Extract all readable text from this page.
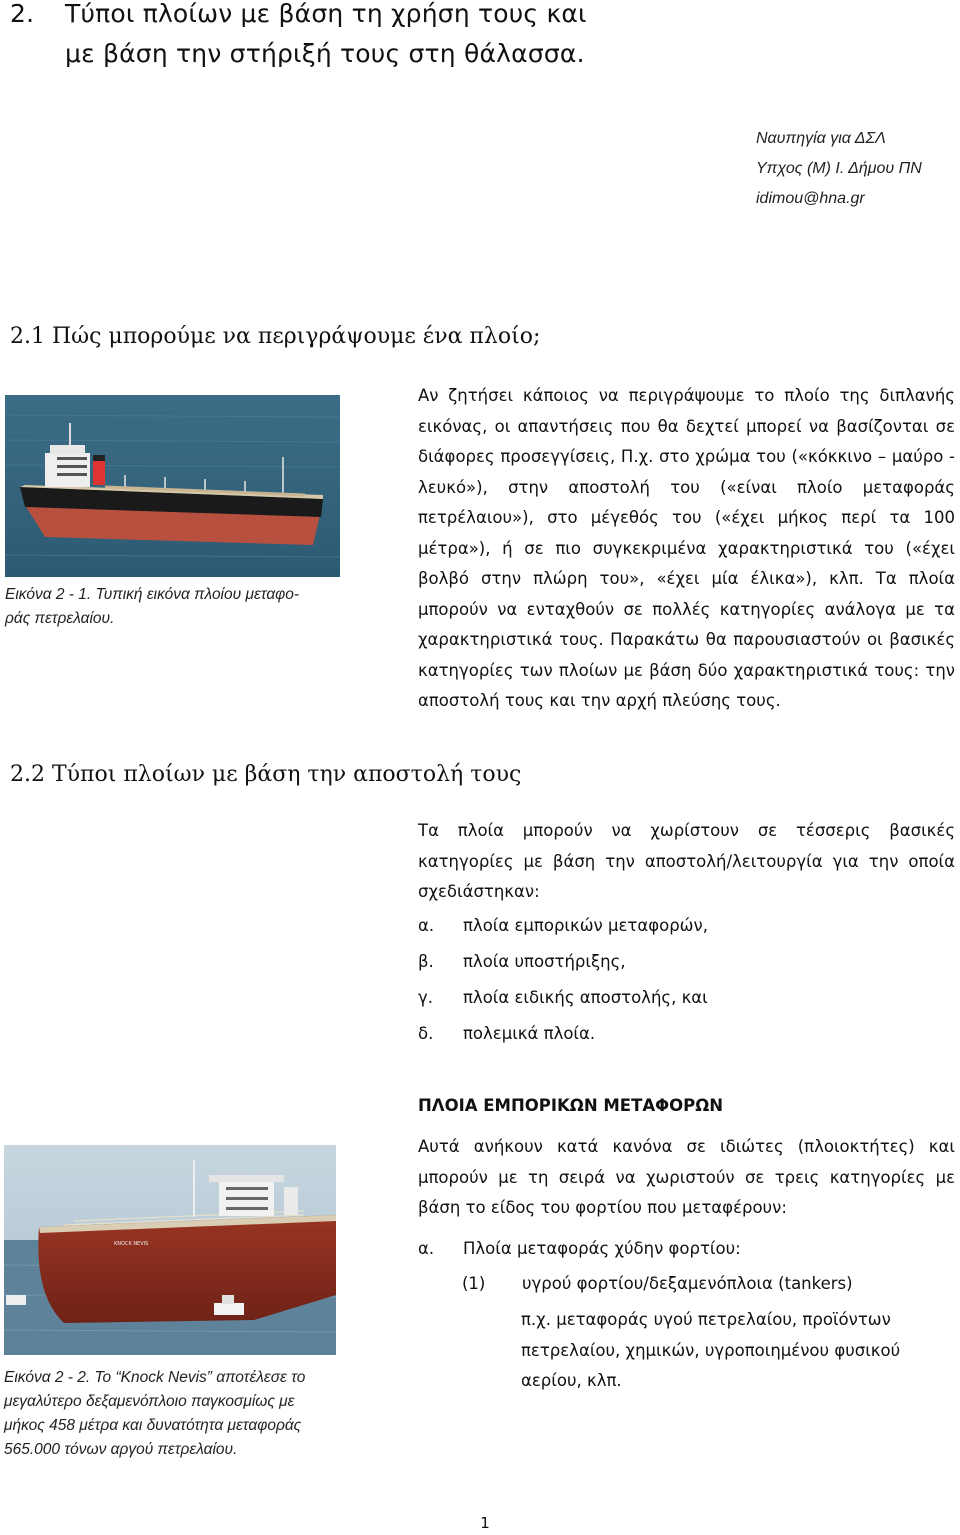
2.	Τύποι πλοίων με βάση τη χρήση τους και
με βάση την στήριξή τους στη θάλασσα.
Ναυπηγία για ΔΣΛ
Υπχος (Μ) Ι. Δήμου ΠΝ
idimou@hna.gr
2.1 Πώς μπορούμε να περιγράψουμε ένα πλοίο;
Εικόνα 2 - 1. Τυπική εικόνα πλοίου μεταφο-
ράς πετρελαίου.
Αν ζητήσει κάποιος να περιγράψουμε το πλοίο της διπλανής εικόνας, οι απαντήσεις που θα δεχτεί μπορεί να βασίζονται σε διάφορες προσεγγίσεις, Π.χ. στο χρώμα του («κόκκινο – μαύρο - λευκό»), στην αποστολή του («είναι πλοίο μεταφοράς πετρέλαιου»), στο μέγεθός του («έχει μήκος περί τα 100 μέτρα»), ή σε πιο συγκεκριμένα χαρακτηριστικά του («έχει βολβό στην πλώρη του», «έχει μία έλικα»), κλπ. Τα πλοία μπορούν να ενταχθούν σε πολλές κατηγορίες ανάλογα με τα χαρακτηριστικά τους. Παρακάτω θα παρουσιαστούν οι βασικές κατηγορίες των πλοίων με βάση δύο χαρακτηριστικά τους: την αποστολή τους και την αρχή πλεύσης τους.
2.2 Τύποι πλοίων με βάση την αποστολή τους
Τα πλοία μπορούν να χωρίστουν σε τέσσερις βασικές κατηγορίες με βάση την αποστολή/λειτουργία για την οποία σχεδιάστηκαν:
α.	πλοία εμπορικών μεταφορών,
β.	πλοία υποστήριξης,
γ.	πλοία ειδικής αποστολής, και
δ.	πολεμικά πλοία.
ΠΛΟΙΑ ΕΜΠΟΡΙΚΩΝ ΜΕΤΑΦΟΡΩΝ
Αυτά ανήκουν κατά κανόνα σε ιδιώτες (πλοιοκτήτες) και μπορούν με τη σειρά να χωριστούν σε τρεις κατηγορίες με βάση το είδος του φορτίου που μεταφέρουν:
α.	Πλοία μεταφοράς χύδην φορτίου:
(1)	υγρού φορτίου/δεξαμενόπλοια (tankers)
π.χ. μεταφοράς υγού πετρελαίου, προϊόντων πετρελαίου, χημικών, υγροποιημένου φυσικού αερίου, κλπ.
KNOCK NEVIS
Εικόνα 2 - 2. Το “Knock Nevis” αποτέλεσε το μεγαλύτερο δεξαμενόπλοιο παγκοσμίως με μήκος 458 μέτρα και δυνατότητα μεταφοράς 565.000 τόνων αργού πετρελαίου.
1
